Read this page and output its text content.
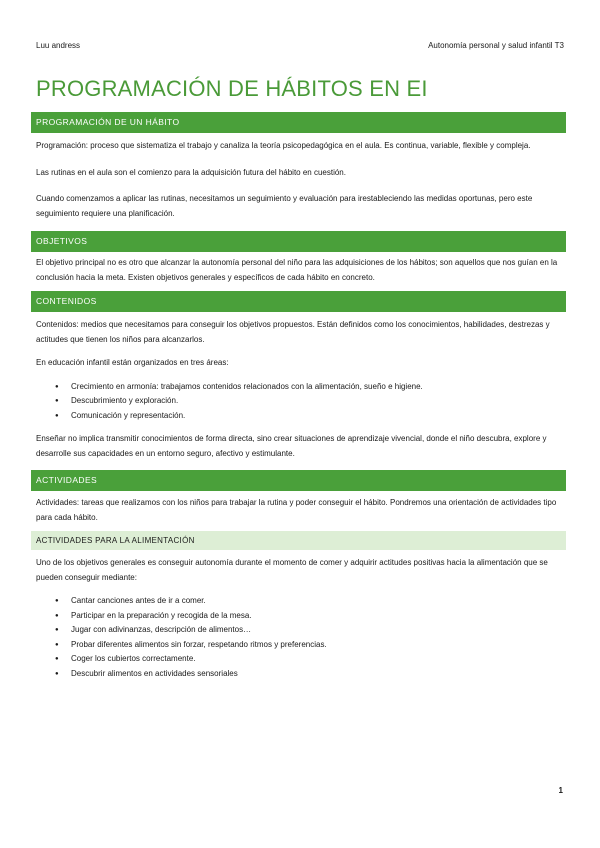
Luu andress	Autonomía personal y salud infantil T3
PROGRAMACIÓN DE HÁBITOS EN EI
PROGRAMACIÓN DE UN HÁBITO

Programación: proceso que sistematiza el trabajo y canaliza la teoría psicopedagógica en el aula. Es continua, variable, flexible y compleja.

Las rutinas en el aula son el comienzo para la adquisición futura del hábito en cuestión.

Cuando comenzamos a aplicar las rutinas, necesitamos un seguimiento y evaluación para irestableciendo las medidas oportunas, pero este seguimiento requiere una planificación.

OBJETIVOS

El objetivo principal no es otro que alcanzar la autonomía personal del niño para las adquisiciones de los hábitos; son aquellos que nos guían en la conclusión hacia la meta. Existen objetivos generales y específicos de cada hábito en concreto.

CONTENIDOS

Contenidos: medios que necesitamos para conseguir los objetivos propuestos. Están definidos como los conocimientos, habilidades, destrezas y actitudes que tienen los niños para alcanzarlos.

En educación infantil están organizados en tres áreas:

● Crecimiento en armonía: trabajamos contenidos relacionados con la alimentación, sueño e higiene.
● Descubrimiento y exploración.
● Comunicación y representación.

Enseñar no implica transmitir conocimientos de forma directa, sino crear situaciones de aprendizaje vivencial, donde el niño descubra, explore y desarrolle sus capacidades en un entorno seguro, afectivo y estimulante.

ACTIVIDADES

Actividades: tareas que realizamos con los niños para trabajar la rutina y poder conseguir el hábito. Pondremos una orientación de actividades tipo para cada hábito.

ACTIVIDADES PARA LA ALIMENTACIÓN

Uno de los objetivos generales es conseguir autonomía durante el momento de comer y adquirir actitudes positivas hacia la alimentación que se pueden conseguir mediante:

● Cantar canciones antes de ir a comer.
● Participar en la preparación y recogida de la mesa.
● Jugar con adivinanzas, descripción de alimentos…
● Probar diferentes alimentos sin forzar, respetando ritmos y preferencias.
● Coger los cubiertos correctamente.
● Descubrir alimentos en actividades sensoriales
1
